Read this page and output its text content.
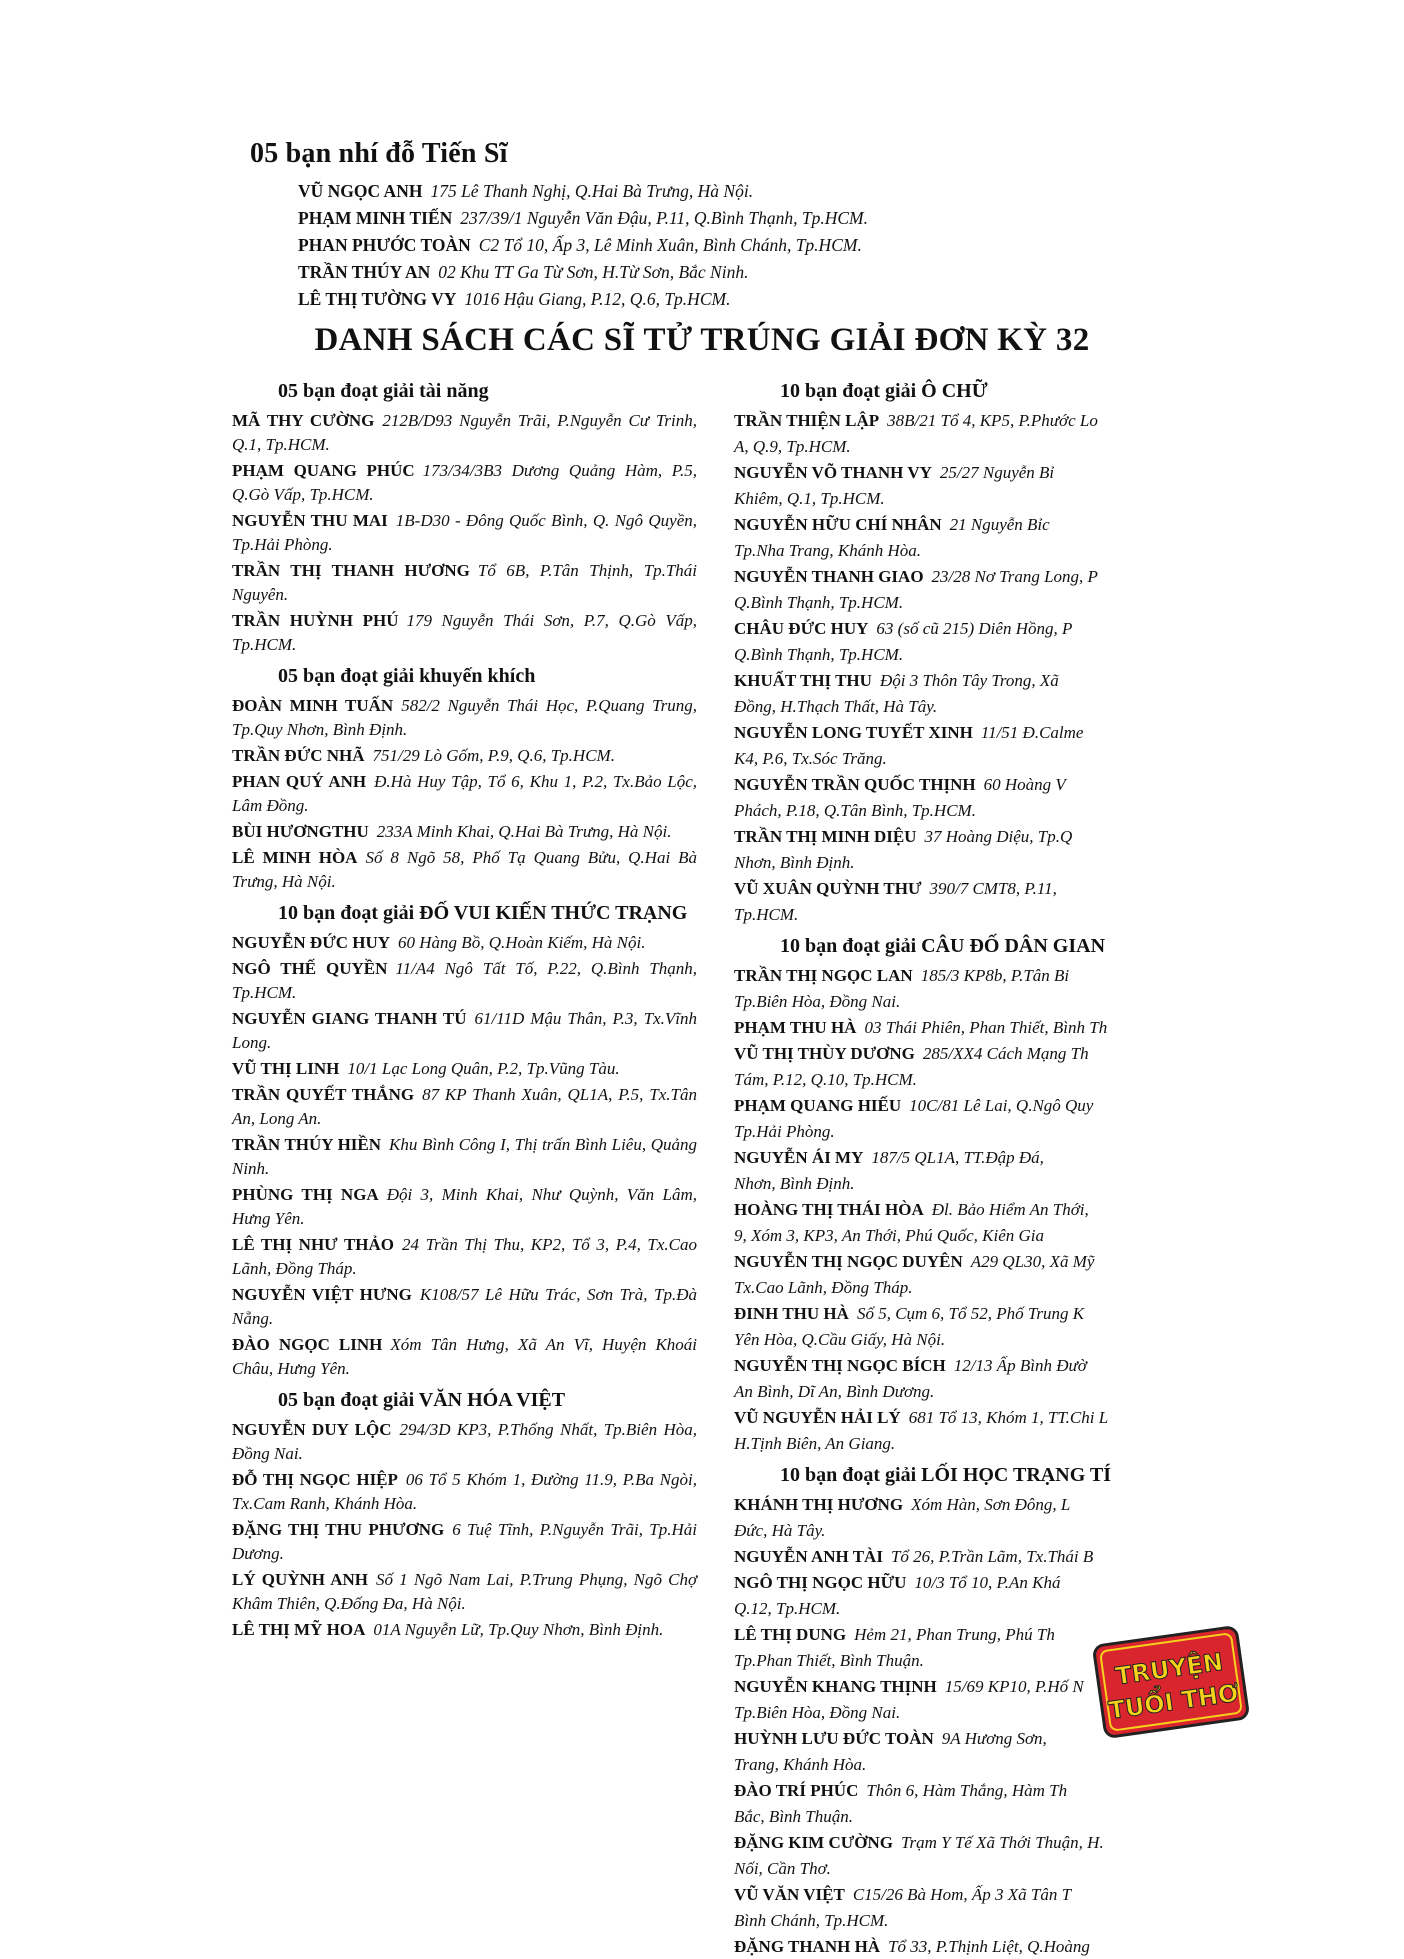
05 bạn nhí đỗ Tiến Sĩ
VŨ NGỌC ANH 175 Lê Thanh Nghị, Q.Hai Bà Trưng, Hà Nội.
PHẠM MINH TIẾN 237/39/1 Nguyễn Văn Đậu, P.11, Q.Bình Thạnh, Tp.HCM.
PHAN PHƯỚC TOÀN C2 Tổ 10, Ấp 3, Lê Minh Xuân, Bình Chánh, Tp.HCM.
TRẦN THÚY AN 02 Khu TT Ga Từ Sơn, H.Từ Sơn, Bắc Ninh.
LÊ THỊ TƯỜNG VY 1016 Hậu Giang, P.12, Q.6, Tp.HCM.
DANH SÁCH CÁC SĨ TỬ TRÚNG GIẢI ĐƠN KỲ 32
05 bạn đoạt giải tài năng
MÃ THY CƯỜNG 212B/D93 Nguyễn Trãi, P.Nguyễn Cư Trinh, Q.1, Tp.HCM.
PHẠM QUANG PHÚC 173/34/3B3 Dương Quảng Hàm, P.5, Q.Gò Vấp, Tp.HCM.
NGUYỄN THU MAI 1B-D30 - Đông Quốc Bình, Q. Ngô Quyền, Tp.Hải Phòng.
TRẦN THỊ THANH HƯƠNG Tổ 6B, P.Tân Thịnh, Tp.Thái Nguyên.
TRẦN HUỲNH PHÚ 179 Nguyễn Thái Sơn, P.7, Q.Gò Vấp, Tp.HCM.
05 bạn đoạt giải khuyến khích
ĐOÀN MINH TUẤN 582/2 Nguyễn Thái Học, P.Quang Trung, Tp.Quy Nhơn, Bình Định.
TRẦN ĐỨC NHÃ 751/29 Lò Gốm, P.9, Q.6, Tp.HCM.
PHAN QUÝ ANH Đ.Hà Huy Tập, Tổ 6, Khu 1, P.2, Tx.Bảo Lộc, Lâm Đồng.
BÙI HƯƠNGTHU 233A Minh Khai, Q.Hai Bà Trưng, Hà Nội.
LÊ MINH HÒA Số 8 Ngõ 58, Phố Tạ Quang Bửu, Q.Hai Bà Trưng, Hà Nội.
10 bạn đoạt giải ĐỐ VUI KIẾN THỨC TRẠNG
NGUYỄN ĐỨC HUY 60 Hàng Bồ, Q.Hoàn Kiếm, Hà Nội.
NGÔ THẾ QUYỀN 11/A4 Ngô Tất Tố, P.22, Q.Bình Thạnh, Tp.HCM.
NGUYỄN GIANG THANH TÚ 61/11D Mậu Thân, P.3, Tx.Vĩnh Long.
VŨ THỊ LINH 10/1 Lạc Long Quân, P.2, Tp.Vũng Tàu.
TRẦN QUYẾT THẮNG 87 KP Thanh Xuân, QL1A, P.5, Tx.Tân An, Long An.
TRẦN THÚY HIỀN Khu Bình Công I, Thị trấn Bình Liêu, Quảng Ninh.
PHÙNG THỊ NGA Đội 3, Minh Khai, Như Quỳnh, Văn Lâm, Hưng Yên.
LÊ THỊ NHƯ THẢO 24 Trần Thị Thu, KP2, Tổ 3, P.4, Tx.Cao Lãnh, Đồng Tháp.
NGUYỄN VIỆT HƯNG K108/57 Lê Hữu Trác, Sơn Trà, Tp.Đà Nẵng.
ĐÀO NGỌC LINH Xóm Tân Hưng, Xã An Vĩ, Huyện Khoái Châu, Hưng Yên.
05 bạn đoạt giải VĂN HÓA VIỆT
NGUYỄN DUY LỘC 294/3D KP3, P.Thống Nhất, Tp.Biên Hòa, Đồng Nai.
ĐỖ THỊ NGỌC HIỆP 06 Tổ 5 Khóm 1, Đường 11.9, P.Ba Ngòi, Tx.Cam Ranh, Khánh Hòa.
ĐẶNG THỊ THU PHƯƠNG 6 Tuệ Tĩnh, P.Nguyễn Trãi, Tp.Hải Dương.
LÝ QUỲNH ANH Số 1 Ngõ Nam Lai, P.Trung Phụng, Ngõ Chợ Khâm Thiên, Q.Đống Đa, Hà Nội.
LÊ THỊ MỸ HOA 01A Nguyễn Lữ, Tp.Quy Nhơn, Bình Định.
10 bạn đoạt giải Ô CHỮ
TRẦN THIỆN LẬP 38B/21 Tổ 4, KP5, P.Phước Lo
A, Q.9, Tp.HCM.
NGUYỄN VÕ THANH VY 25/27 Nguyễn Bỉ
Khiêm, Q.1, Tp.HCM.
NGUYỄN HỮU CHÍ NHÂN 21 Nguyễn Bỉc
Tp.Nha Trang, Khánh Hòa.
NGUYỄN THANH GIAO 23/28 Nơ Trang Long, P
Q.Bình Thạnh, Tp.HCM.
CHÂU ĐỨC HUY 63 (số cũ 215) Diên Hồng, P
Q.Bình Thạnh, Tp.HCM.
KHUẤT THỊ THU Đội 3 Thôn Tây Trong, Xã
Đồng, H.Thạch Thất, Hà Tây.
NGUYỄN LONG TUYẾT XINH 11/51 Đ.Calme
K4, P.6, Tx.Sóc Trăng.
NGUYỄN TRẦN QUỐC THỊNH 60 Hoàng V
Phách, P.18, Q.Tân Bình, Tp.HCM.
TRẦN THỊ MINH DIỆU 37 Hoàng Diệu, Tp.Q
Nhơn, Bình Định.
VŨ XUÂN QUỲNH THƯ 390/7 CMT8, P.11,
Tp.HCM.
10 bạn đoạt giải CÂU ĐỐ DÂN GIAN
TRẦN THỊ NGỌC LAN 185/3 KP8b, P.Tân Bi
Tp.Biên Hòa, Đồng Nai.
PHẠM THU HÀ 03 Thái Phiên, Phan Thiết, Bình Th
VŨ THỊ THÙY DƯƠNG 285/XX4 Cách Mạng Th
Tám, P.12, Q.10, Tp.HCM.
PHẠM QUANG HIẾU 10C/81 Lê Lai, Q.Ngô Quy
Tp.Hải Phòng.
NGUYỄN ÁI MY 187/5 QL1A, TT.Đập Đá,
Nhơn, Bình Định.
HOÀNG THỊ THÁI HÒA Đl. Bảo Hiểm An Thới,
9, Xóm 3, KP3, An Thới, Phú Quốc, Kiên Gia
NGUYỄN THỊ NGỌC DUYÊN A29 QL30, Xã Mỹ
Tx.Cao Lãnh, Đồng Tháp.
ĐINH THU HÀ Số 5, Cụm 6, Tổ 52, Phố Trung K
Yên Hòa, Q.Cầu Giấy, Hà Nội.
NGUYỄN THỊ NGỌC BÍCH 12/13 Ấp Bình Đườ
An Bình, Dĩ An, Bình Dương.
VŨ NGUYỄN HẢI LÝ 681 Tổ 13, Khóm 1, TT.Chi L
H.Tịnh Biên, An Giang.
10 bạn đoạt giải LỐI HỌC TRẠNG TÍ
KHÁNH THỊ HƯƠNG Xóm Hàn, Sơn Đông, L
Đức, Hà Tây.
NGUYỄN ANH TÀI Tổ 26, P.Trần Lãm, Tx.Thái B
NGÔ THỊ NGỌC HỮU 10/3 Tổ 10, P.An Khá
Q.12, Tp.HCM.
LÊ THỊ DUNG Hẻm 21, Phan Trung, Phú Th
Tp.Phan Thiết, Bình Thuận.
NGUYỄN KHANG THỊNH 15/69 KP10, P.Hố N
Tp.Biên Hòa, Đồng Nai.
HUỲNH LƯU ĐỨC TOÀN 9A Hương Sơn,
Trang, Khánh Hòa.
ĐÀO TRÍ PHÚC Thôn 6, Hàm Thắng, Hàm Th
Bắc, Bình Thuận.
ĐẶNG KIM CƯỜNG Trạm Y Tế Xã Thới Thuận, H.
Nối, Cần Thơ.
VŨ VĂN VIỆT C15/26 Bà Hom, Ấp 3 Xã Tân T
Bình Chánh, Tp.HCM.
ĐẶNG THANH HÀ Tổ 33, P.Thịnh Liệt, Q.Hoàng
TRUYỆN
TUỔI THƠ
